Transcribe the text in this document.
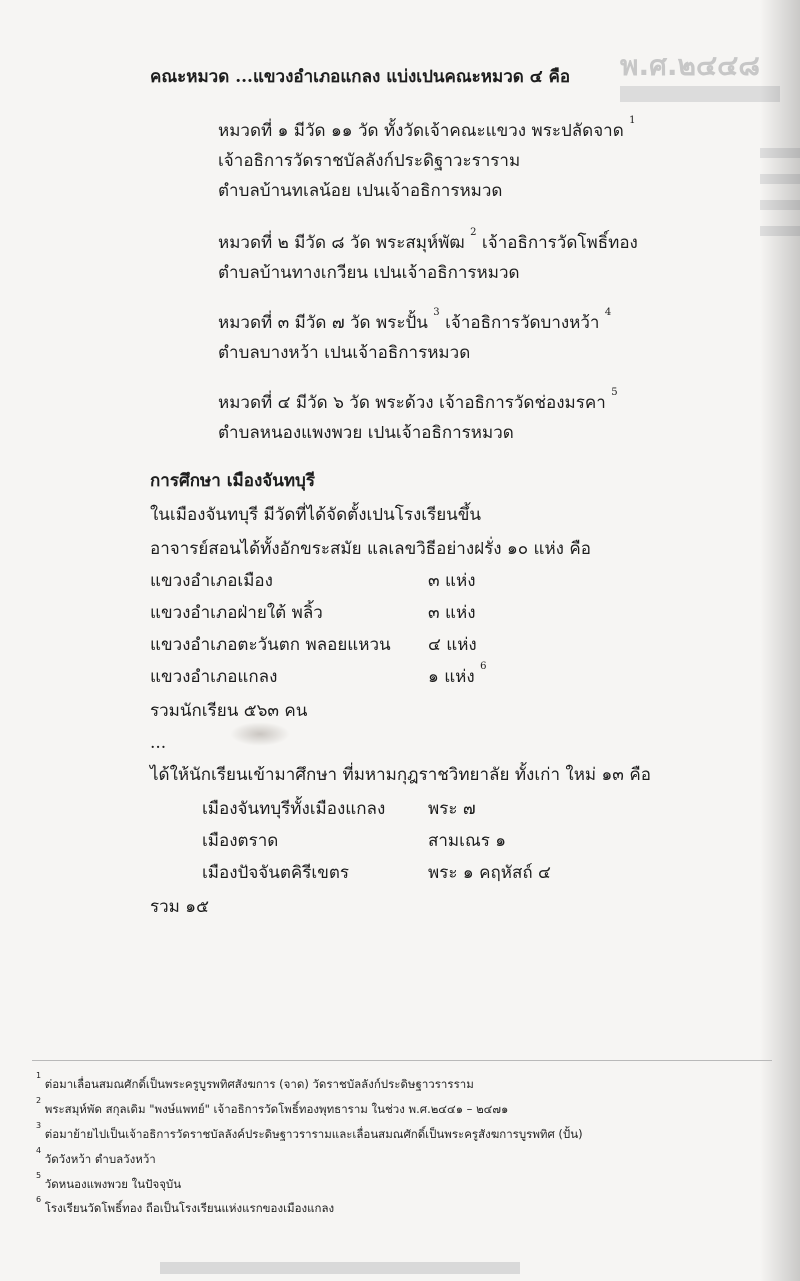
พ.ศ.๒๔๔๘
คณะหมวด ...แขวงอำเภอแกลง แบ่งเปนคณะหมวด ๔ คือ
หมวดที่ ๑ มีวัด ๑๑ วัด ทั้งวัดเจ้าคณะแขวง พระปลัดจาด $^1$
เจ้าอธิการวัดราชบัลลังก์ประดิฐาวะราราม
ตำบลบ้านทเลน้อย เปนเจ้าอธิการหมวด
หมวดที่ ๒ มีวัด ๘ วัด พระสมุห์พัฒ $^2$ เจ้าอธิการวัดโพธิ์ทอง
ตำบลบ้านทางเกวียน เปนเจ้าอธิการหมวด
หมวดที่ ๓ มีวัด ๗ วัด พระปั้น $^3$ เจ้าอธิการวัดบางหว้า $^4$
ตำบลบางหว้า เปนเจ้าอธิการหมวด
หมวดที่ ๔ มีวัด ๖ วัด พระด้วง เจ้าอธิการวัดช่องมรคา $^5$
ตำบลหนองแพงพวย เปนเจ้าอธิการหมวด
การศึกษา เมืองจันทบุรี
ในเมืองจันทบุรี มีวัดที่ได้จัดตั้งเปนโรงเรียนขึ้น
อาจารย์สอนได้ทั้งอักขระสมัย แลเลขวิธีอย่างฝรั่ง ๑๐ แห่ง คือ
แขวงอำเภอเมือง	๓ แห่ง
แขวงอำเภอฝ่ายใต้ พลิ้ว	๓ แห่ง
แขวงอำเภอตะวันตก พลอยแหวน ๔ แห่ง
แขวงอำเภอแกลง	๑ แห่ง $^6$
รวมนักเรียน ๕๖๓ คน
...
ได้ให้นักเรียนเข้ามาศึกษา ที่มหามกุฎราชวิทยาลัย ทั้งเก่า ใหม่ ๑๓ คือ
เมืองจันทบุรีทั้งเมืองแกลง	พระ ๗
เมืองตราด	สามเณร ๑
เมืองปัจจันตคิรีเขตร	พระ ๑ คฤหัสถ์ ๔
รวม ๑๕
$^1$ ต่อมาเลื่อนสมณศักดิ์เป็นพระครูบูรพทิศสังฆการ (จาด) วัดราชบัลลังก์ประดิษฐาวรารราม
$^2$ พระสมุห์พัด สกุลเดิม "พงษ์แพทย์" เจ้าอธิการวัดโพธิ์ทองพุทธาราม ในช่วง พ.ศ.๒๔๔๑ – ๒๔๗๑
$^3$ ต่อมาย้ายไปเป็นเจ้าอธิการวัดราชบัลลังค์ประดิษฐาวรารามและเลื่อนสมณศักดิ์เป็นพระครูสังฆการบูรพทิศ (ปั้น)
$^4$ วัดวังหว้า ตำบลวังหว้า
$^5$ วัดหนองแพงพวย ในปัจจุบัน
$^6$ โรงเรียนวัดโพธิ์ทอง ถือเป็นโรงเรียนแห่งแรกของเมืองแกลง
